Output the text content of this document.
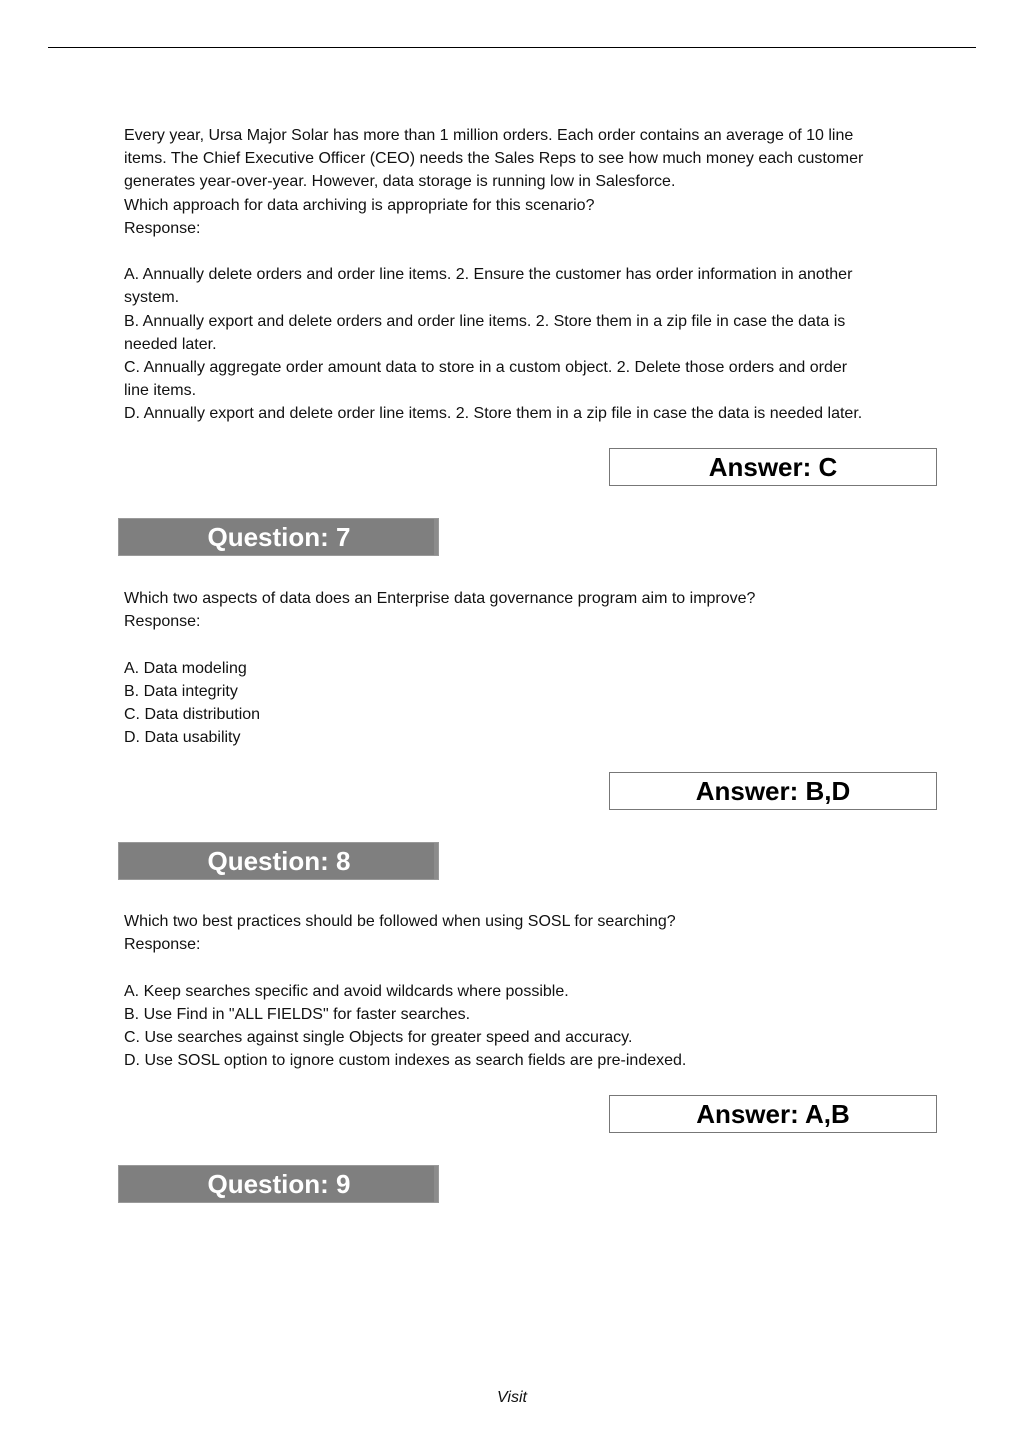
Every year, Ursa Major Solar has more than 1 million orders. Each order contains an average of 10 line

items. The Chief Executive Officer (CEO) needs the Sales Reps to see how much money each customer

generates year-over-year. However, data storage is running low in Salesforce.

Which approach for data archiving is appropriate for this scenario?

Response:

A. Annually delete orders and order line items. 2. Ensure the customer has order information in another

system.

B. Annually export and delete orders and order line items. 2. Store them in a zip file in case the data is

needed later.

C. Annually aggregate order amount data to store in a custom object. 2. Delete those orders and order

line items.

D. Annually export and delete order line items. 2. Store them in a zip file in case the data is needed later.

Answer: C
Question: 7

Which two aspects of data does an Enterprise data governance program aim to improve?

Response:

A. Data modeling

B. Data integrity

C. Data distribution

D. Data usability

Answer: B,D
Question: 8

Which two best practices should be followed when using SOSL for searching?

Response:

A. Keep searches specific and avoid wildcards where possible.

B. Use Find in "ALL FIELDS" for faster searches.

C. Use searches against single Objects for greater speed and accuracy.

D. Use SOSL option to ignore custom indexes as search fields are pre-indexed.

Answer: A,B
Question: 9
Visit
